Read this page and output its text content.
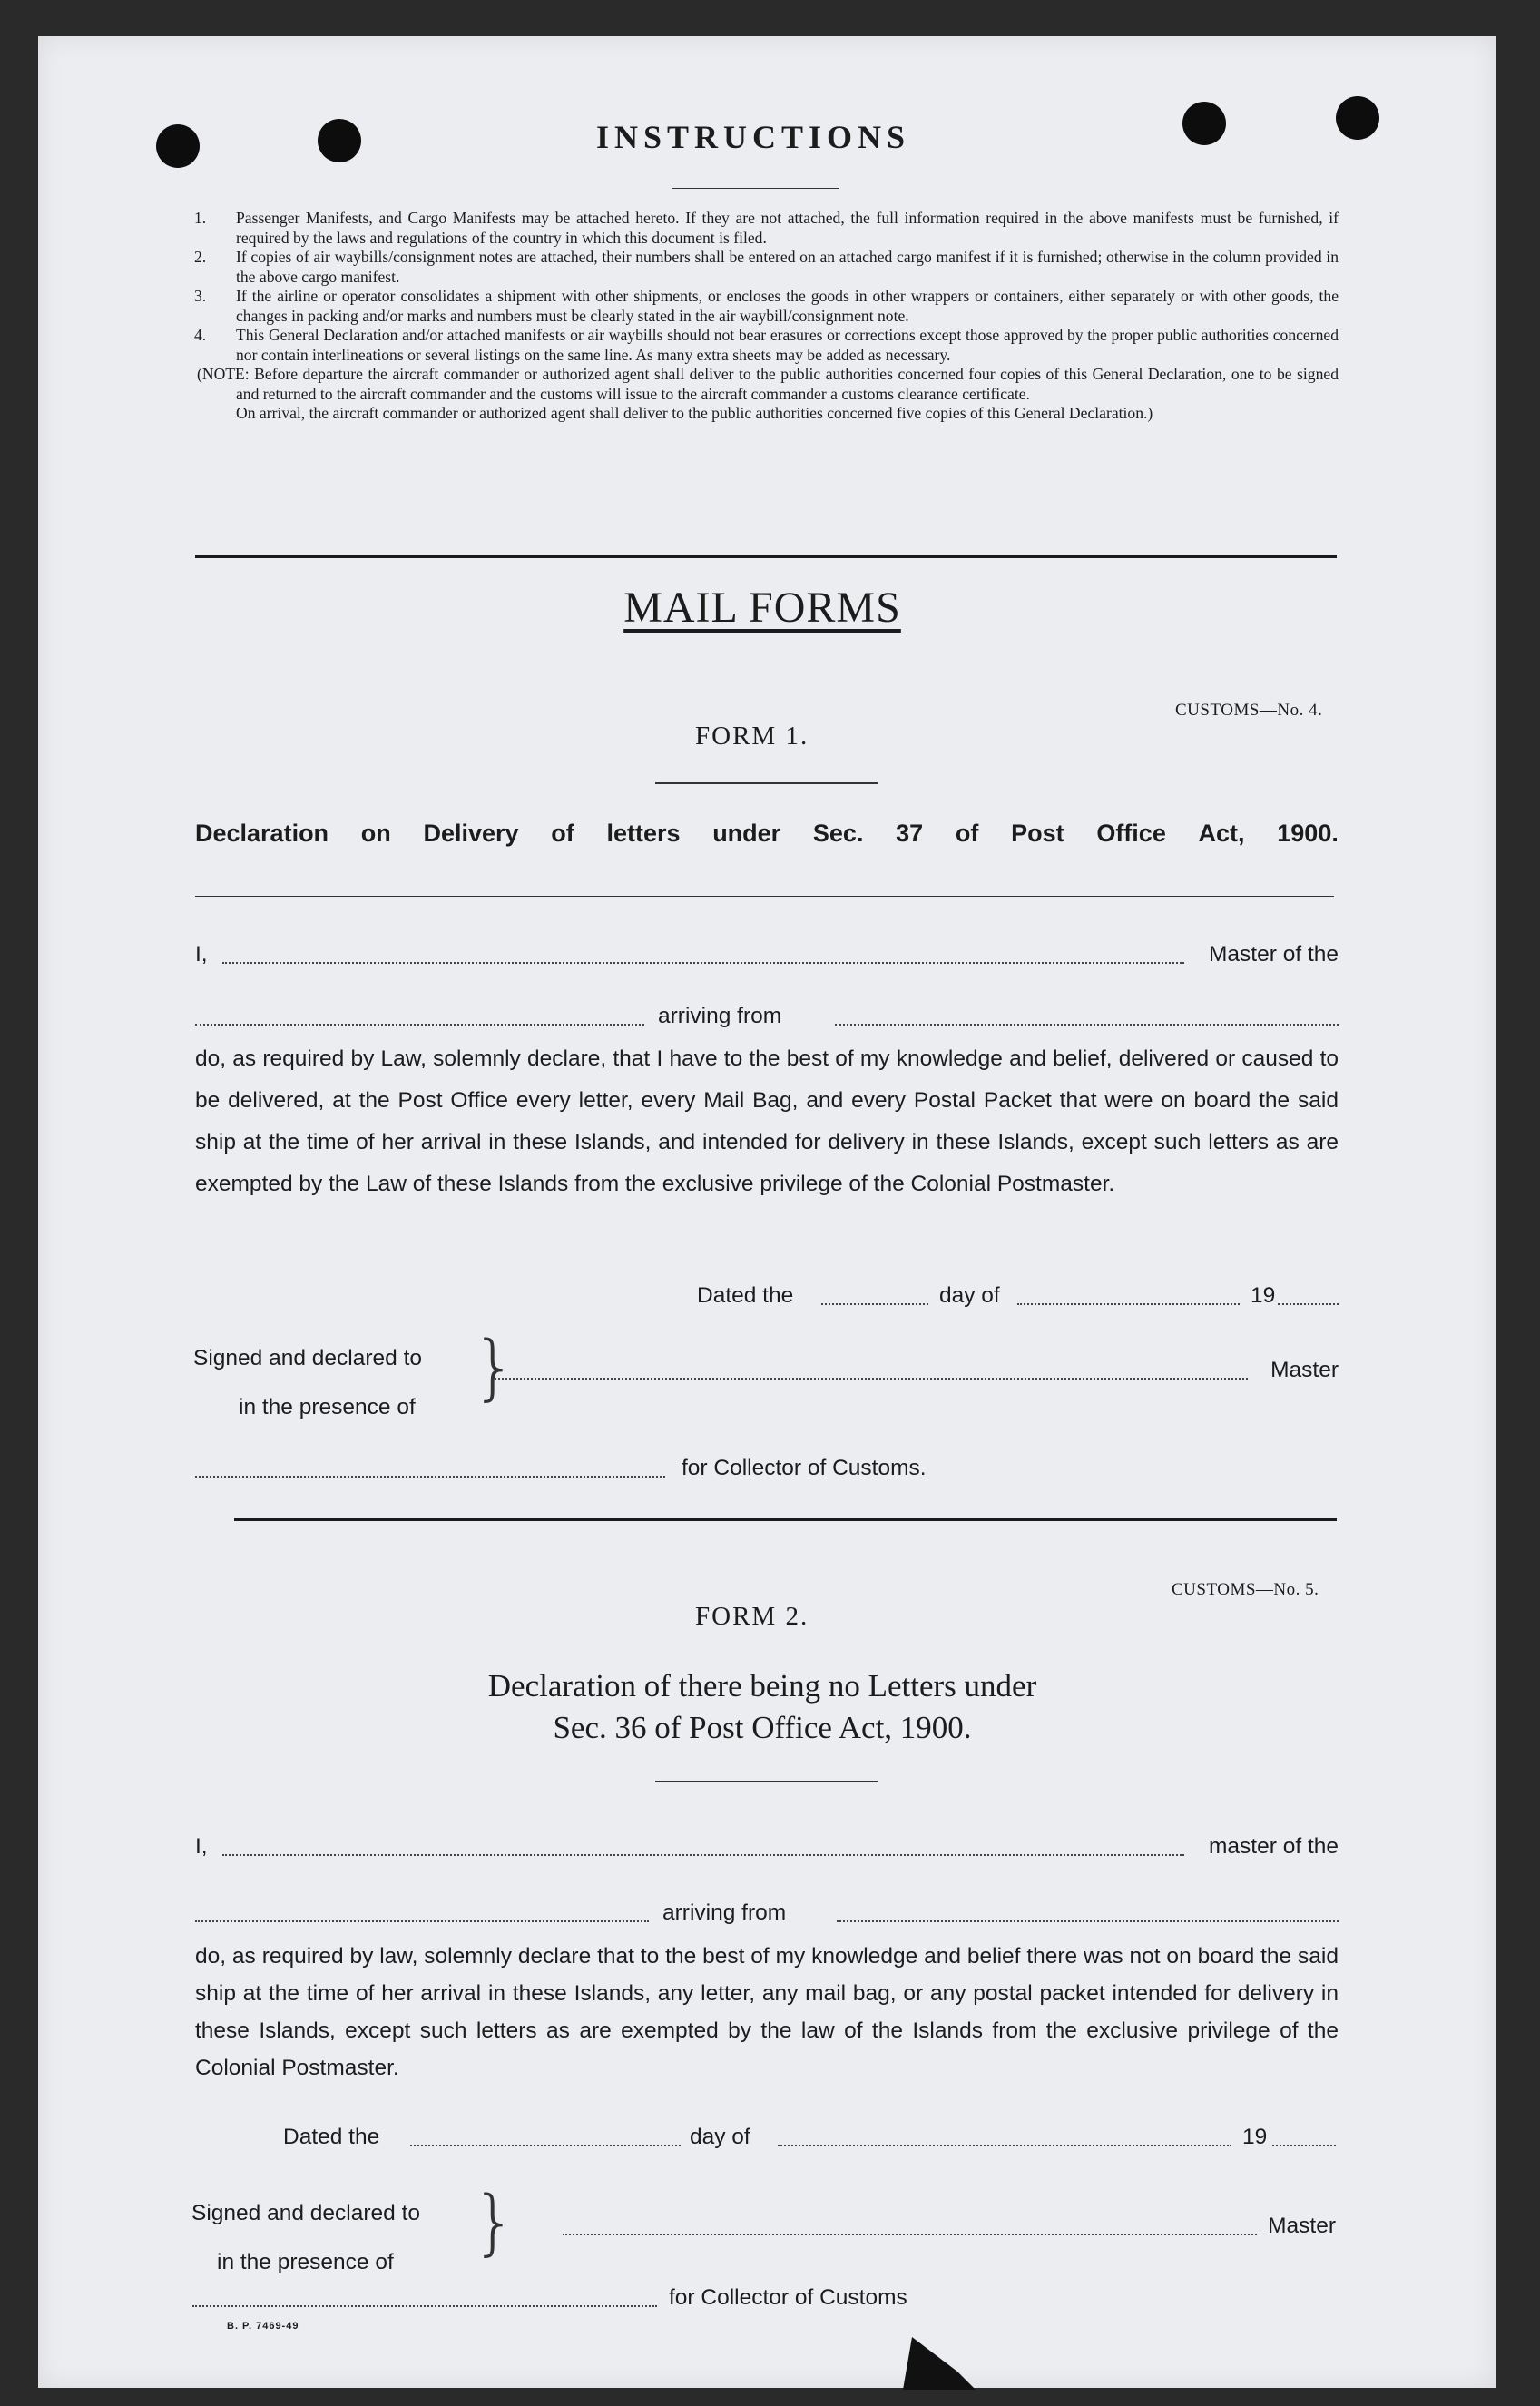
INSTRUCTIONS
1. Passenger Manifests, and Cargo Manifests may be attached hereto. If they are not attached, the full information required in the above manifests must be furnished, if required by the laws and regulations of the country in which this document is filed.
2. If copies of air waybills/consignment notes are attached, their numbers shall be entered on an attached cargo manifest if it is furnished; otherwise in the column provided in the above cargo manifest.
3. If the airline or operator consolidates a shipment with other shipments, or encloses the goods in other wrappers or containers, either separately or with other goods, the changes in packing and/or marks and numbers must be clearly stated in the air waybill/consignment note.
4. This General Declaration and/or attached manifests or air waybills should not bear erasures or corrections except those approved by the proper public authorities concerned nor contain interlineations or several listings on the same line. As many extra sheets may be added as necessary.
(NOTE: Before departure the aircraft commander or authorized agent shall deliver to the public authorities concerned four copies of this General Declaration, one to be signed and returned to the aircraft commander and the customs will issue to the aircraft commander a customs clearance certificate.
On arrival, the aircraft commander or authorized agent shall deliver to the public authorities concerned five copies of this General Declaration.)
MAIL FORMS
CUSTOMS—No. 4.
FORM 1.
Declaration on Delivery of letters under Sec. 37 of Post Office Act, 1900.
I,	Master of the
arriving from
do, as required by Law, solemnly declare, that I have to the best of my knowledge and belief, delivered or caused to be delivered, at the Post Office every letter, every Mail Bag, and every Postal Packet that were on board the said ship at the time of her arrival in these Islands, and intended for delivery in these Islands, except such letters as are exempted by the Law of these Islands from the exclusive privilege of the Colonial Postmaster.
Dated the	day of	19
Signed and declared to
in the presence of }	Master
for Collector of Customs.
CUSTOMS—No. 5.
FORM 2.
Declaration of there being no Letters under
Sec. 36 of Post Office Act, 1900.
I,	master of the
arriving from
do, as required by law, solemnly declare that to the best of my knowledge and belief there was not on board the said ship at the time of her arrival in these Islands, any letter, any mail bag, or any postal packet intended for delivery in these Islands, except such letters as are exempted by the law of the Islands from the exclusive privilege of the Colonial Postmaster.
Dated the	day of	19
Signed and declared to
in the presence of	}	Master
for Collector of Customs
B. P. 7469-49
